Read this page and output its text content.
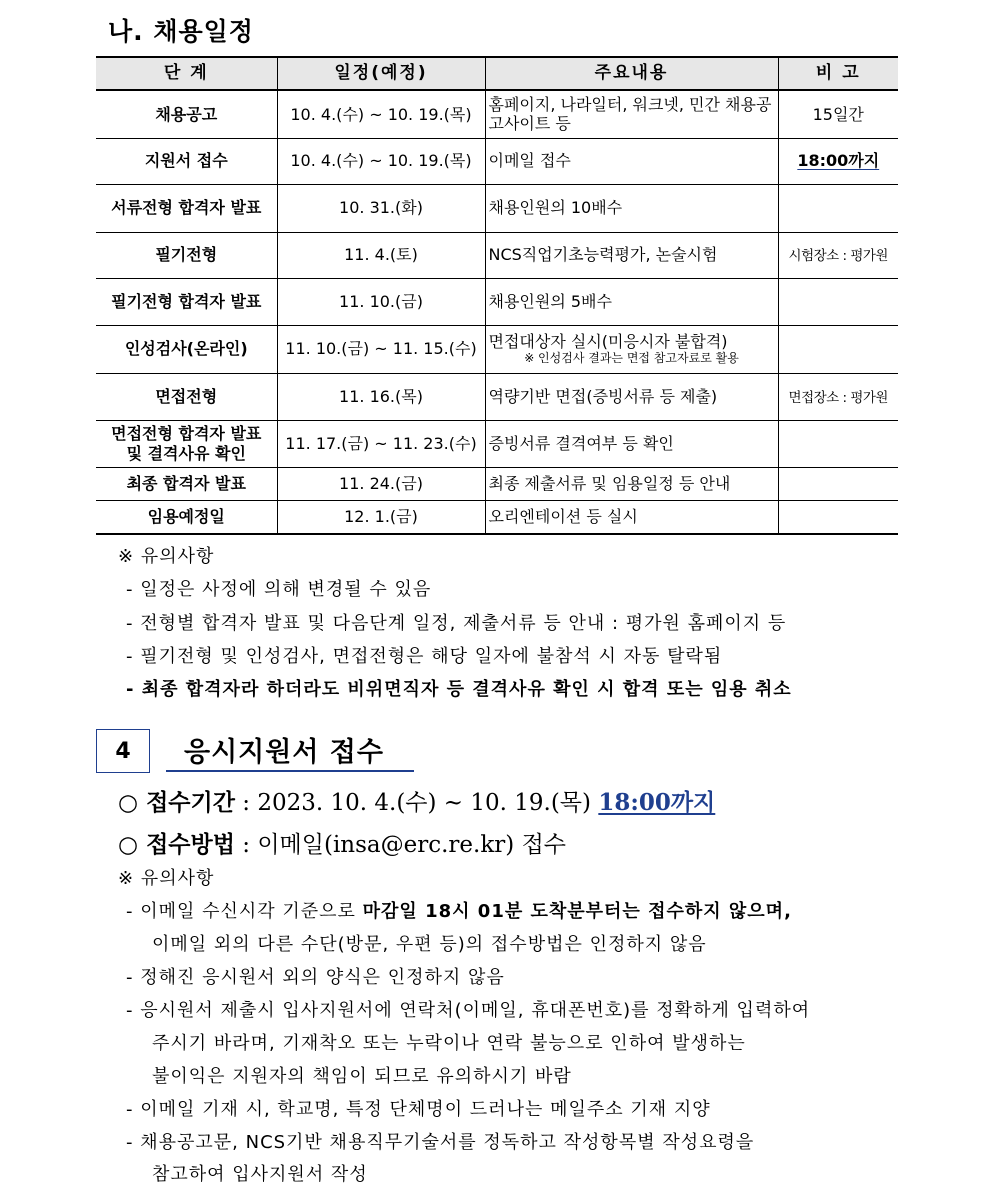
나. 채용일정
단 계	일정(예정)	주요내용	비 고
채용공고	10. 4.(수) ~ 10. 19.(목)	홈페이지, 나라일터, 워크넷, 민간 채용공고사이트 등	15일간
지원서 접수	10. 4.(수) ~ 10. 19.(목)	이메일 접수	18:00까지
서류전형 합격자 발표	10. 31.(화)	채용인원의 10배수	
필기전형	11. 4.(토)	NCS직업기초능력평가, 논술시험	시험장소 : 평가원
필기전형 합격자 발표	11. 10.(금)	채용인원의 5배수	
인성검사(온라인)	11. 10.(금) ~ 11. 15.(수)	면접대상자 실시(미응시자 불합격)
※ 인성검사 결과는 면접 참고자료로 활용	

면접전형	11. 16.(목)	역량기반 면접(증빙서류 등 제출)	면접장소 : 평가원
면접전형 합격자 발표
및 결격사유 확인	11. 17.(금) ~ 11. 23.(수)	증빙서류 결격여부 등 확인	
최종 합격자 발표	11. 24.(금)	최종 제출서류 및 임용일정 등 안내	
임용예정일	12. 1.(금)	오리엔테이션 등 실시	
※ 유의사항
- 일정은 사정에 의해 변경될 수 있음
- 전형별 합격자 발표 및 다음단계 일정, 제출서류 등 안내 : 평가원 홈페이지 등
- 필기전형 및 인성검사, 면접전형은 해당 일자에 불참석 시 자동 탈락됨
- 최종 합격자라 하더라도 비위면직자 등 결격사유 확인 시 합격 또는 임용 취소
4	응시지원서 접수
○ 접수기간 : 2023. 10. 4.(수) ~ 10. 19.(목) 18:00까지
○ 접수방법 : 이메일(insa@erc.re.kr) 접수
※ 유의사항
- 이메일 수신시각 기준으로 마감일 18시 01분 도착분부터는 접수하지 않으며,
이메일 외의 다른 수단(방문, 우편 등)의 접수방법은 인정하지 않음
- 정해진 응시원서 외의 양식은 인정하지 않음
- 응시원서 제출시 입사지원서에 연락처(이메일, 휴대폰번호)를 정확하게 입력하여
주시기 바라며, 기재착오 또는 누락이나 연락 불능으로 인하여 발생하는
불이익은 지원자의 책임이 되므로 유의하시기 바람
- 이메일 기재 시, 학교명, 특정 단체명이 드러나는 메일주소 기재 지양
- 채용공고문, NCS기반 채용직무기술서를 정독하고 작성항목별 작성요령을
참고하여 입사지원서 작성
